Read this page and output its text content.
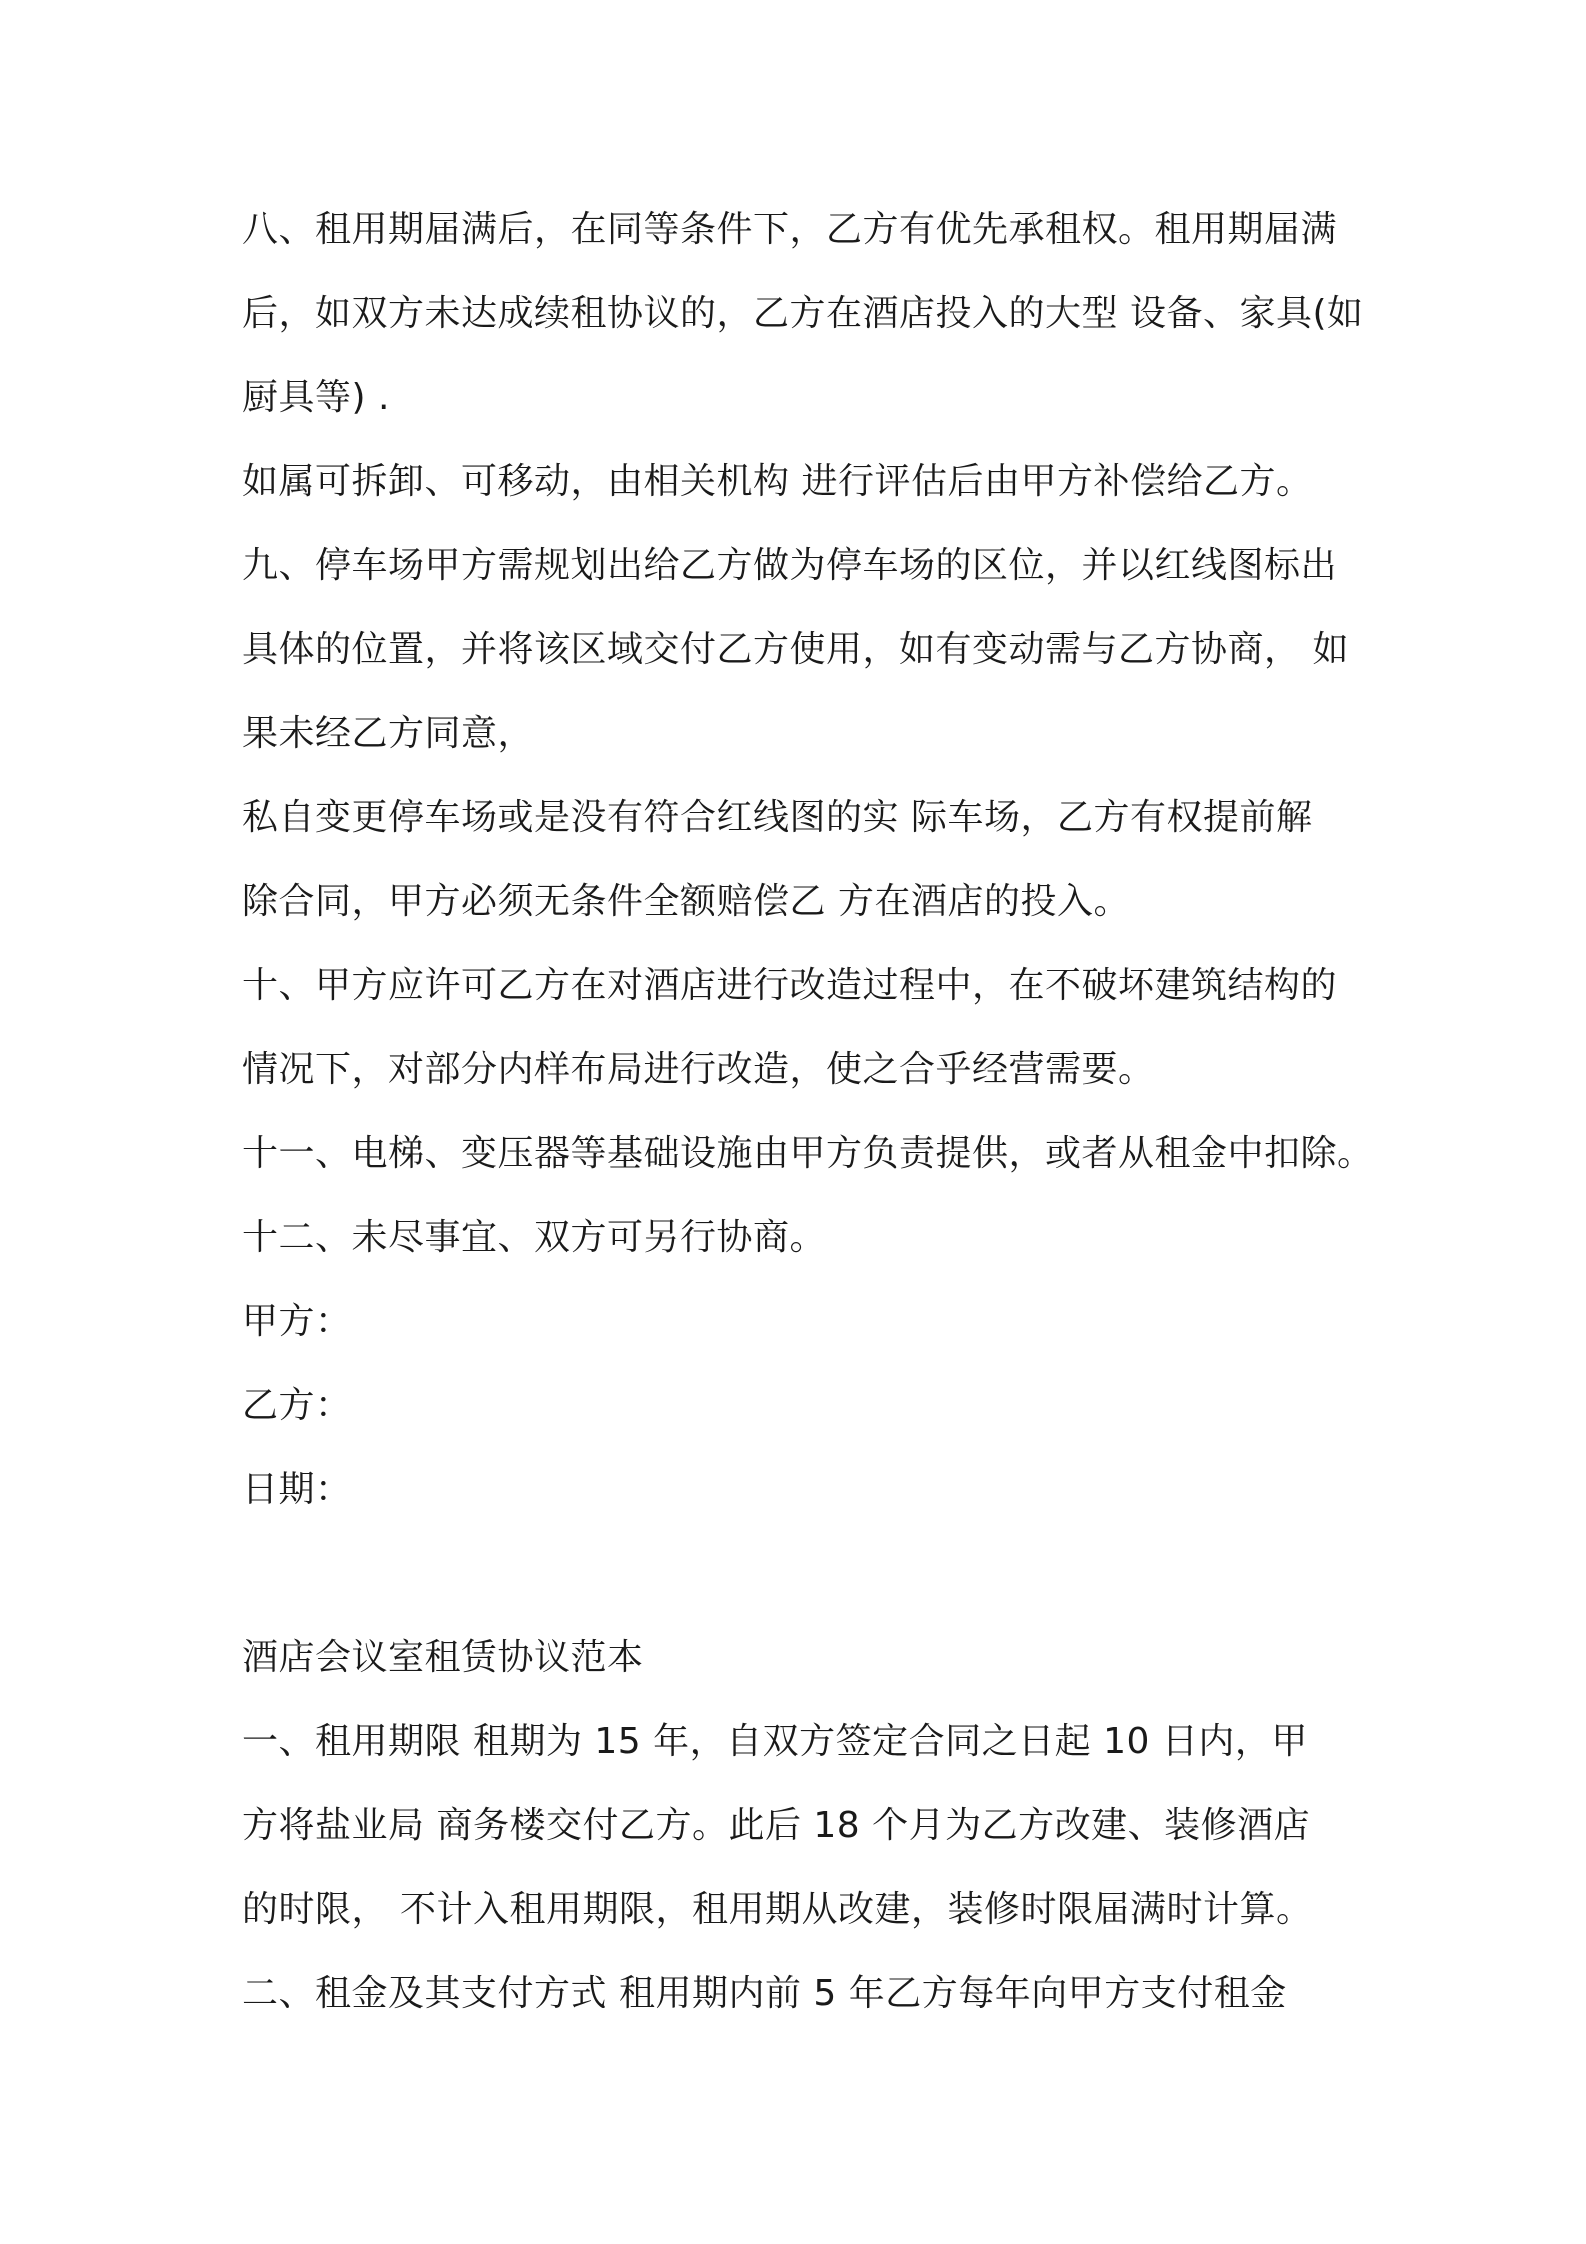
八、租用期届满后，在同等条件下，乙方有优先承租权。租用期届满

后，如双方未达成续租协议的，乙方在酒店投入的大型 设备、家具(如

厨具等) .

如属可拆卸、可移动，由相关机构 进行评估后由甲方补偿给乙方。

九、停车场甲方需规划出给乙方做为停车场的区位，并以红线图标出

具体的位置，并将该区域交付乙方使用，如有变动需与乙方协商， 如

果未经乙方同意，

私自变更停车场或是没有符合红线图的实 际车场，乙方有权提前解

除合同，甲方必须无条件全额赔偿乙 方在酒店的投入。

十、甲方应许可乙方在对酒店进行改造过程中，在不破坏建筑结构的

情况下，对部分内样布局进行改造，使之合乎经营需要。

十一、电梯、变压器等基础设施由甲方负责提供，或者从租金中扣除。

十二、未尽事宜、双方可另行协商。

甲方：

乙方：

日期：

酒店会议室租赁协议范本

一、租用期限 租期为 15 年，自双方签定合同之日起 10 日内，甲

方将盐业局 商务楼交付乙方。此后 18 个月为乙方改建、装修酒店

的时限， 不计入租用期限，租用期从改建，装修时限届满时计算。

二、租金及其支付方式 租用期内前 5 年乙方每年向甲方支付租金
